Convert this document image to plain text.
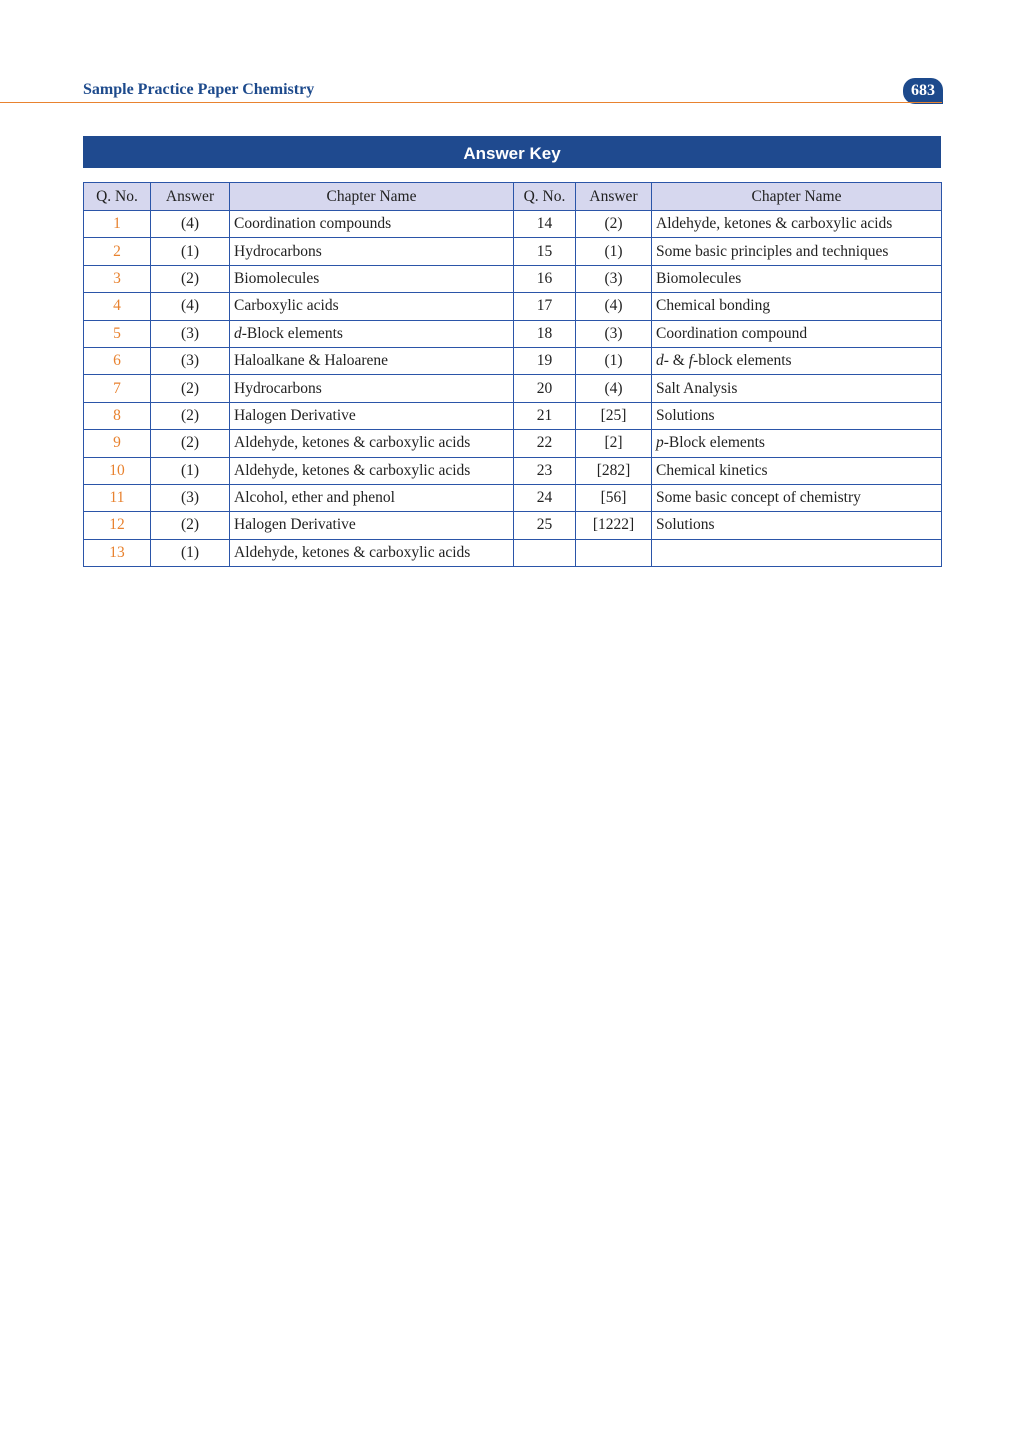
Sample Practice Paper Chemistry	683
Answer Key
Q. No.	Answer	Chapter Name	Q. No.	Answer	Chapter Name
1	(4)	Coordination compounds	14	(2)	Aldehyde, ketones & carboxylic acids
2	(1)	Hydrocarbons	15	(1)	Some basic principles and techniques
3	(2)	Biomolecules	16	(3)	Biomolecules
4	(4)	Carboxylic acids	17	(4)	Chemical bonding
5	(3)	d-Block elements	18	(3)	Coordination compound
6	(3)	Haloalkane & Haloarene	19	(1)	d- & f-block elements
7	(2)	Hydrocarbons	20	(4)	Salt Analysis
8	(2)	Halogen Derivative	21	[25]	Solutions
9	(2)	Aldehyde, ketones & carboxylic acids	22	[2]	p-Block elements
10	(1)	Aldehyde, ketones & carboxylic acids	23	[282]	Chemical kinetics
11	(3)	Alcohol, ether and phenol	24	[56]	Some basic concept of chemistry
12	(2)	Halogen Derivative	25	[1222]	Solutions
13	(1)	Aldehyde, ketones & carboxylic acids			
